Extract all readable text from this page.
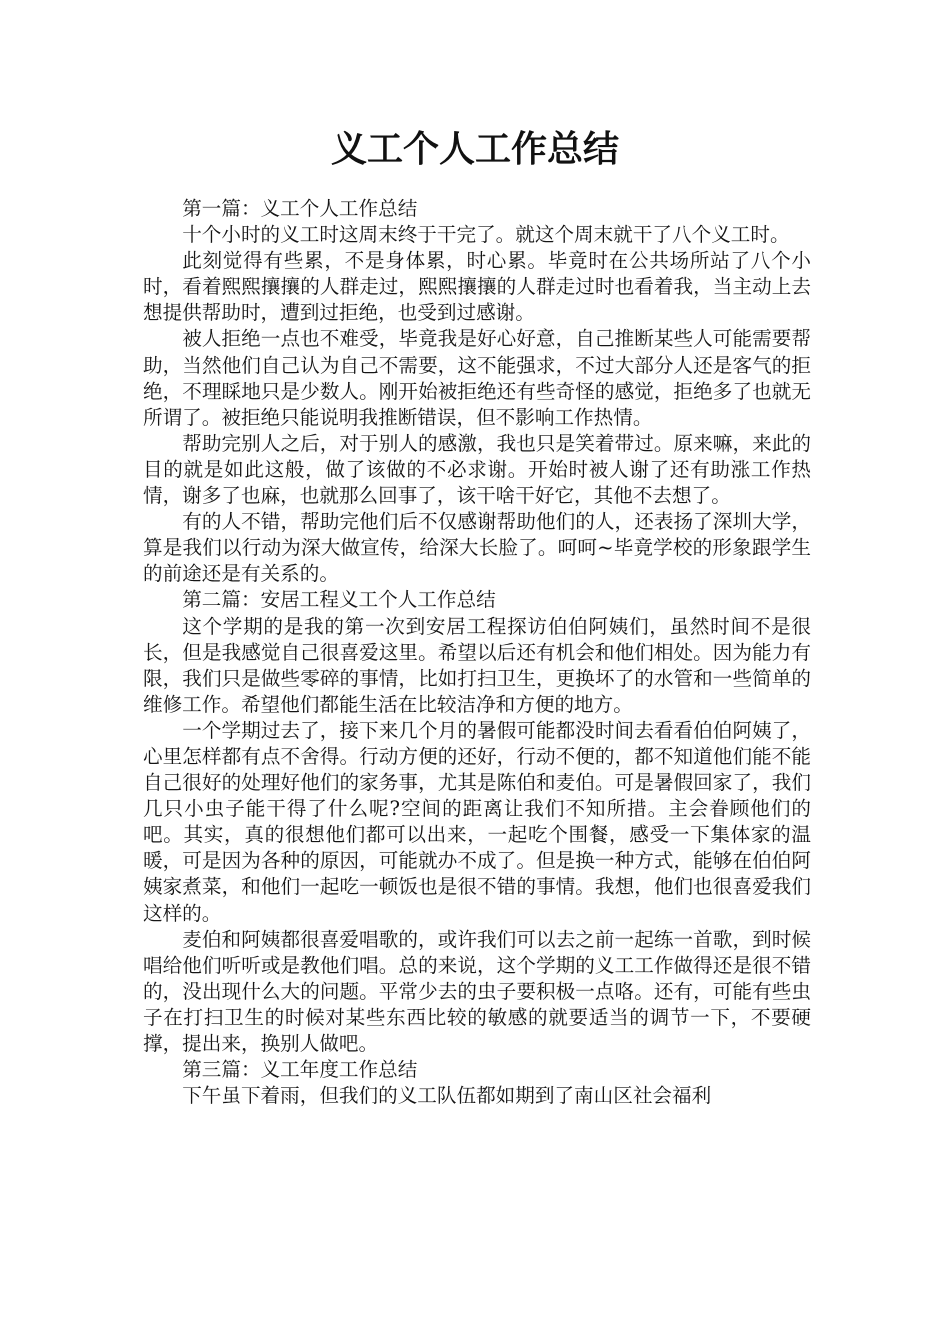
义工个人工作总结

第一篇：义工个人工作总结

十个小时的义工时这周末终于干完了。就这个周末就干了八个义工时。

此刻觉得有些累，不是身体累，时心累。毕竟时在公共场所站了八个小时，看着熙熙攘攘的人群走过，熙熙攘攘的人群走过时也看着我，当主动上去想提供帮助时，遭到过拒绝，也受到过感谢。

被人拒绝一点也不难受，毕竟我是好心好意，自己推断某些人可能需要帮助，当然他们自己认为自己不需要，这不能强求，不过大部分人还是客气的拒绝，不理睬地只是少数人。刚开始被拒绝还有些奇怪的感觉，拒绝多了也就无所谓了。被拒绝只能说明我推断错误，但不影响工作热情。

帮助完别人之后，对于别人的感激，我也只是笑着带过。原来嘛，来此的目的就是如此这般，做了该做的不必求谢。开始时被人谢了还有助涨工作热情，谢多了也麻，也就那么回事了，该干啥干好它，其他不去想了。

有的人不错，帮助完他们后不仅感谢帮助他们的人，还表扬了深圳大学，算是我们以行动为深大做宣传，给深大长脸了。呵呵~毕竟学校的形象跟学生的前途还是有关系的。

第二篇：安居工程义工个人工作总结

这个学期的是我的第一次到安居工程探访伯伯阿姨们，虽然时间不是很长，但是我感觉自己很喜爱这里。希望以后还有机会和他们相处。因为能力有限，我们只是做些零碎的事情，比如打扫卫生，更换坏了的水管和一些简单的维修工作。希望他们都能生活在比较洁净和方便的地方。

一个学期过去了，接下来几个月的暑假可能都没时间去看看伯伯阿姨了，心里怎样都有点不舍得。行动方便的还好，行动不便的，都不知道他们能不能自己很好的处理好他们的家务事，尤其是陈伯和麦伯。可是暑假回家了，我们几只小虫子能干得了什么呢?空间的距离让我们不知所措。主会眷顾他们的吧。其实，真的很想他们都可以出来，一起吃个围餐，感受一下集体家的温暖，可是因为各种的原因，可能就办不成了。但是换一种方式，能够在伯伯阿姨家煮菜，和他们一起吃一顿饭也是很不错的事情。我想，他们也很喜爱我们这样的。

麦伯和阿姨都很喜爱唱歌的，或许我们可以去之前一起练一首歌，到时候唱给他们听听或是教他们唱。总的来说，这个学期的义工工作做得还是很不错的，没出现什么大的问题。平常少去的虫子要积极一点咯。还有，可能有些虫子在打扫卫生的时候对某些东西比较的敏感的就要适当的调节一下，不要硬撑，提出来，换别人做吧。

第三篇：义工年度工作总结

下午虽下着雨，但我们的义工队伍都如期到了南山区社会福利
